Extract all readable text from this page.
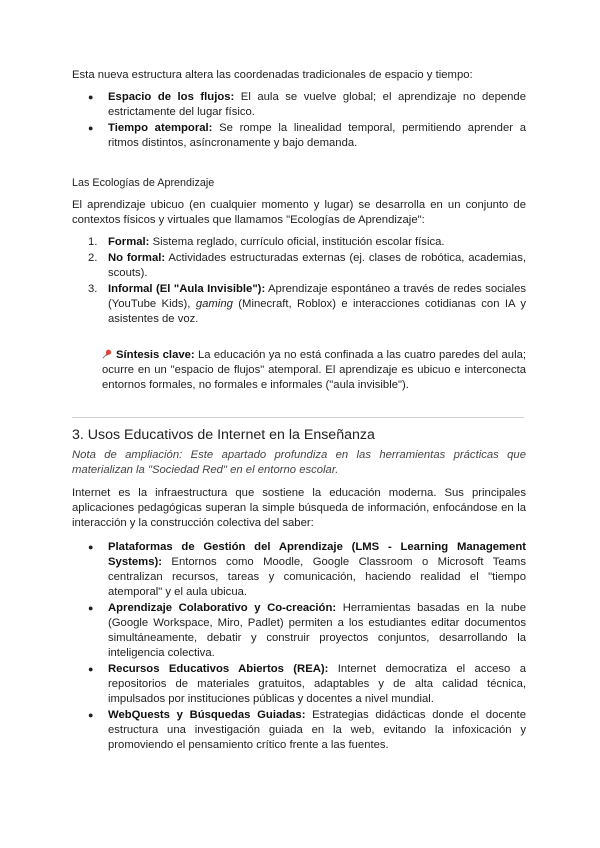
Esta nueva estructura altera las coordenadas tradicionales de espacio y tiempo:

● Espacio de los flujos: El aula se vuelve global; el aprendizaje no depende estrictamente del lugar físico.
● Tiempo atemporal: Se rompe la linealidad temporal, permitiendo aprender a ritmos distintos, asíncronamente y bajo demanda.

Las Ecologías de Aprendizaje

El aprendizaje ubicuo (en cualquier momento y lugar) se desarrolla en un conjunto de contextos físicos y virtuales que llamamos "Ecologías de Aprendizaje":

1. Formal: Sistema reglado, currículo oficial, institución escolar física.
2. No formal: Actividades estructuradas externas (ej. clases de robótica, academias, scouts).
3. Informal (El "Aula Invisible"): Aprendizaje espontáneo a través de redes sociales (YouTube Kids), gaming (Minecraft, Roblox) e interacciones cotidianas con IA y asistentes de voz.

Síntesis clave: La educación ya no está confinada a las cuatro paredes del aula; ocurre en un "espacio de flujos" atemporal. El aprendizaje es ubicuo e interconecta entornos formales, no formales e informales ("aula invisible").

3. Usos Educativos de Internet en la Enseñanza

Nota de ampliación: Este apartado profundiza en las herramientas prácticas que materializan la "Sociedad Red" en el entorno escolar.

Internet es la infraestructura que sostiene la educación moderna. Sus principales aplicaciones pedagógicas superan la simple búsqueda de información, enfocándose en la interacción y la construcción colectiva del saber:

● Plataformas de Gestión del Aprendizaje (LMS - Learning Management Systems): Entornos como Moodle, Google Classroom o Microsoft Teams centralizan recursos, tareas y comunicación, haciendo realidad el "tiempo atemporal" y el aula ubicua.
● Aprendizaje Colaborativo y Co-creación: Herramientas basadas en la nube (Google Workspace, Miro, Padlet) permiten a los estudiantes editar documentos simultáneamente, debatir y construir proyectos conjuntos, desarrollando la inteligencia colectiva.
● Recursos Educativos Abiertos (REA): Internet democratiza el acceso a repositorios de materiales gratuitos, adaptables y de alta calidad técnica, impulsados por instituciones públicas y docentes a nivel mundial.
● WebQuests y Búsquedas Guiadas: Estrategias didácticas donde el docente estructura una investigación guiada en la web, evitando la infoxicación y promoviendo el pensamiento crítico frente a las fuentes.
